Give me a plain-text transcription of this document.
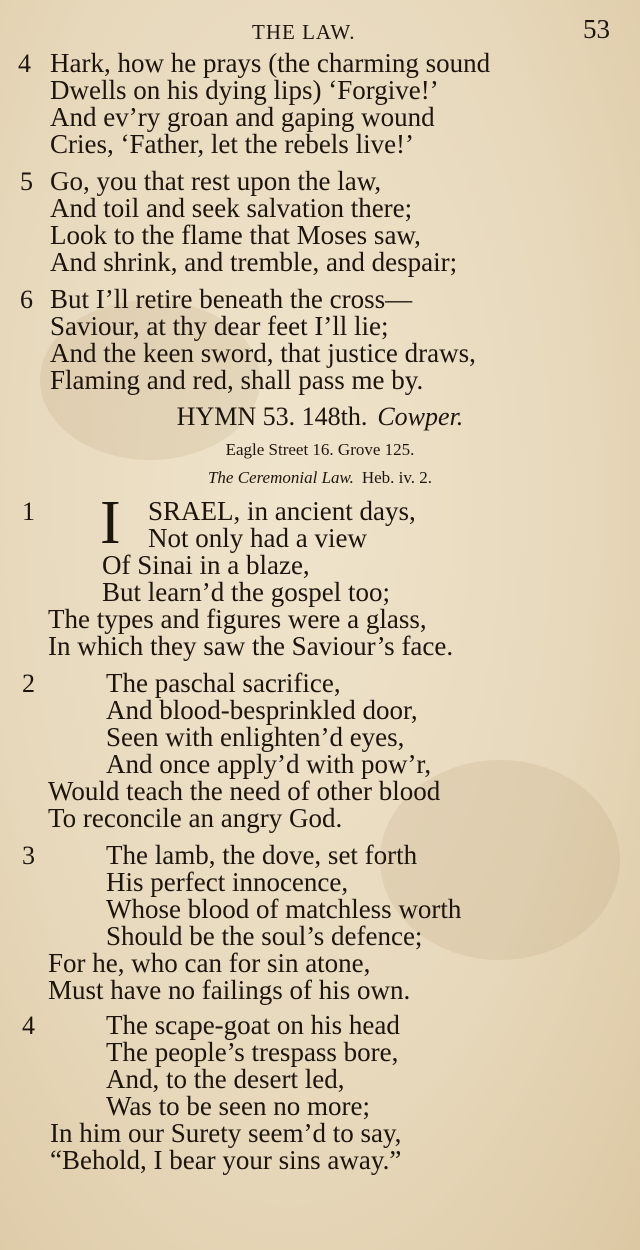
THE LAW.	53
4 Hark, how he prays (the charming sound
Dwells on his dying lips) ‘Forgive!’
And ev’ry groan and gaping wound
Cries, ‘Father, let the rebels live!’
5 Go, you that rest upon the law,
And toil and seek salvation there;
Look to the flame that Moses saw,
And shrink, and tremble, and despair;
6 But I’ll retire beneath the cross—
Saviour, at thy dear feet I’ll lie;
And the keen sword, that justice draws,
Flaming and red, shall pass me by.
HYMN 53. 148th. Cowper.
Eagle Street 16. Grove 125.
The Ceremonial Law. Heb. iv. 2.
1 I SRAEL, in ancient days,
Not only had a view
Of Sinai in a blaze,
But learn’d the gospel too;
The types and figures were a glass,
In which they saw the Saviour’s face.
2	The paschal sacrifice,
And blood-besprinkled door,
Seen with enlighten’d eyes,
And once apply’d with pow’r,
Would teach the need of other blood
To reconcile an angry God.
3	The lamb, the dove, set forth
His perfect innocence,
Whose blood of matchless worth
Should be the soul’s defence;
For he, who can for sin atone,
Must have no failings of his own.
4	The scape-goat on his head
The people’s trespass bore,
And, to the desert led,
Was to be seen no more;
In him our Surety seem’d to say,
“Behold, I bear your sins away.”
